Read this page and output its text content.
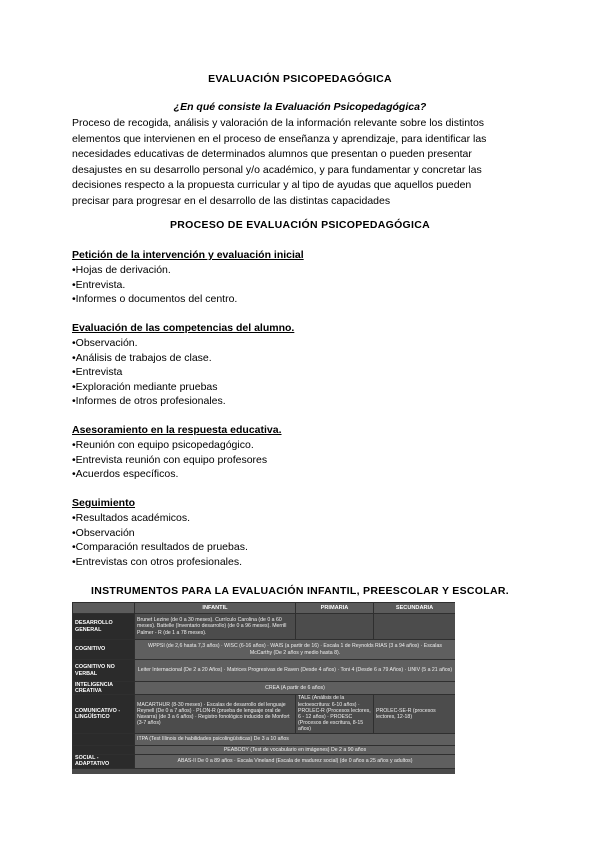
EVALUACIÓN PSICOPEDAGÓGICA
¿En qué consiste la Evaluación Psicopedagógica?
Proceso de recogida, análisis y valoración de la información relevante sobre los distintos
elementos que intervienen en el proceso de enseñanza y aprendizaje, para identificar las
necesidades educativas de determinados alumnos que presentan o pueden presentar
desajustes en su desarrollo personal y/o académico, y para fundamentar y concretar las
decisiones respecto a la propuesta curricular y al tipo de ayudas que aquellos pueden
precisar para progresar en el desarrollo de las distintas capacidades
PROCESO DE EVALUACIÓN PSICOPEDAGÓGICA
Petición de la intervención y evaluación inicial
•Hojas de derivación.
•Entrevista.
•Informes o documentos del centro.
Evaluación de las competencias del alumno.
•Observación.
•Análisis de trabajos de clase.
•Entrevista
•Exploración mediante pruebas
•Informes de otros profesionales.
Asesoramiento en la respuesta educativa.
•Reunión con equipo psicopedagógico.
•Entrevista reunión con equipo profesores
•Acuerdos específicos.
Seguimiento
•Resultados académicos.
•Observación
•Comparación resultados de pruebas.
•Entrevistas con otros profesionales.
INSTRUMENTOS PARA LA EVALUACIÓN INFANTIL, PREESCOLAR Y ESCOLAR.
	INFANTIL	PRIMARIA	SECUNDARIA
DESARROLLO GENERAL	Brunet Lezine (de 0 a 30 meses). Currículo Carolina (de 0 a 60 meses). Battelle (Inventario desarrollo) (de 0 a 96 meses). Merrill Palmer - R (de 1 a 78 meses).		
COGNITIVO	WPPSI (de 2,6 hasta 7,3 años) · WISC (6-16 años) · WAIS (a partir de 16) · Escala 1 de Reynolds RIAS (3 a 94 años) · Escalas McCarthy (De 2 años y medio hasta 8).		
COGNITIVO NO VERBAL	Leiter Internacional (De 2 a 20 Años) · Matrices Progresivas de Raven (Desde 4 años) · Toni 4 (Desde 6 a 79 Años) · UNIV (5 a 21 años)		
INTELIGENCIA CREATIVA	CREA (A partir de 6 años)		
COMUNICATIVO - LINGÜÍSTICO	MACARTHUR (8-30 meses) · Escalas de desarrollo del lenguaje Reynell (De 0 a 7 años) · PLON-R (prueba de lenguaje oral de Navarra) (de 3 a 6 años) · Registro fonológico inducido de Monfort (3-7 años)	TALE (Análisis de la lectoescritura: 6-10 años) · PROLEC-R (Procesos lectores, 6 - 12 años) · PROESC (Procesos de escritura, 8-15 años)	PROLEC-SE-R (procesos lectores, 12-18)
	ITPA (Test Illinois de habilidades psicolingüísticas) De 3 a 10 años		
	PEABODY (Test de vocabulario en imágenes) De 2 a 90 años		
SOCIAL - ADAPTATIVO	ABAS-II De 0 a 89 años · Escala Vineland (Escala de madurez social) (de 0 años a 25 años y adultos)		
